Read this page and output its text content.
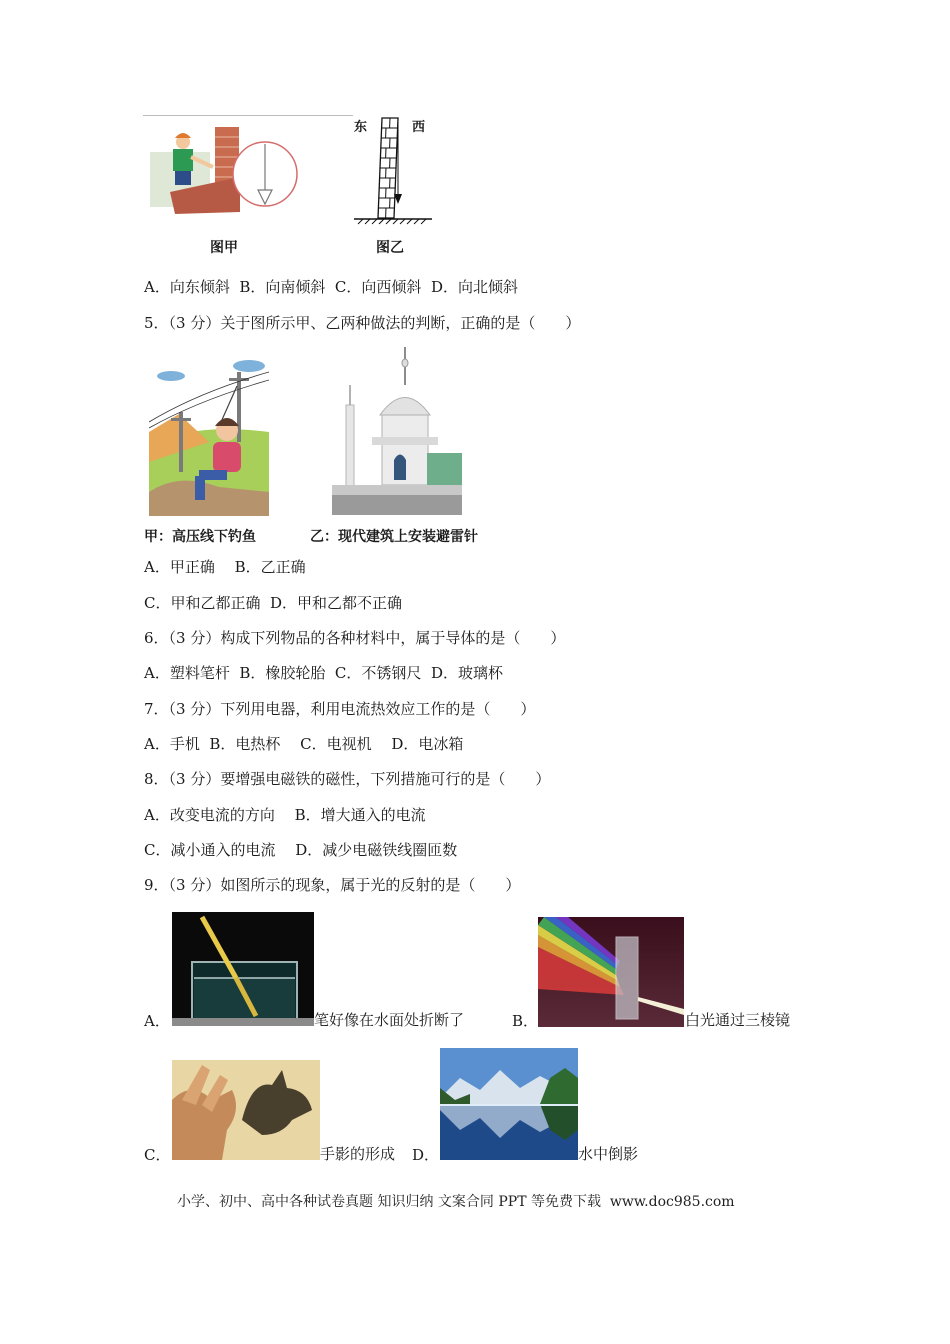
东	西
图甲	图乙
A．向东倾斜  B．向南倾斜  C．向西倾斜  D．向北倾斜
5．（3 分）关于图所示甲、乙两种做法的判断，正确的是（　　）
甲：高压线下钓鱼	乙：现代建筑上安装避雷针
A．甲正确　 B．乙正确
C．甲和乙都正确  D．甲和乙都不正确
6．（3 分）构成下列物品的各种材料中，属于导体的是（　　）
A．塑料笔杆  B．橡胶轮胎  C．不锈钢尺  D．玻璃杯
7．（3 分）下列用电器，利用电流热效应工作的是（　　）
A．手机  B．电热杯　 C．电视机　 D．电冰箱
8．（3 分）要增强电磁铁的磁性，下列措施可行的是（　　）
A．改变电流的方向　 B．增大通入的电流
C．减小通入的电流　 D．减少电磁铁线圈匝数
9．（3 分）如图所示的现象，属于光的反射的是（　　）
A．	笔好像在水面处折断了	B．	白光通过三棱镜
C．	手影的形成 D．	水中倒影
小学、初中、高中各种试卷真题 知识归纳 文案合同 PPT 等免费下载  www.doc985.com
